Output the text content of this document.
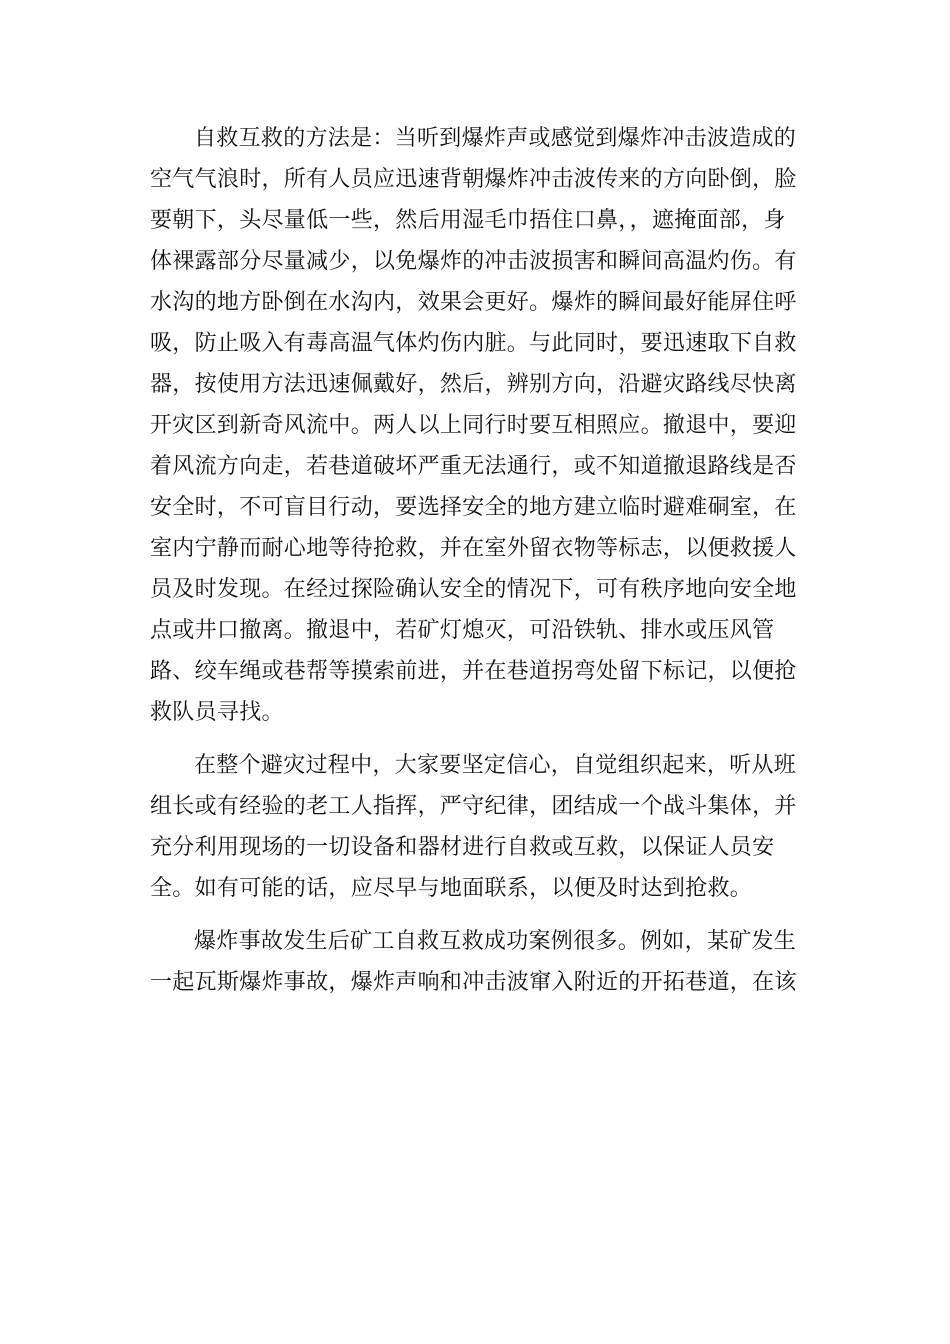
自救互救的方法是：当听到爆炸声或感觉到爆炸冲击波造成的
空气气浪时，所有人员应迅速背朝爆炸冲击波传来的方向卧倒，脸
要朝下，头尽量低一些，然后用湿毛巾捂住口鼻，，遮掩面部，身
体裸露部分尽量减少，以免爆炸的冲击波损害和瞬间高温灼伤。有
水沟的地方卧倒在水沟内，效果会更好。爆炸的瞬间最好能屏住呼
吸，防止吸入有毒高温气体灼伤内脏。与此同时，要迅速取下自救
器，按使用方法迅速佩戴好，然后，辨别方向，沿避灾路线尽快离
开灾区到新奇风流中。两人以上同行时要互相照应。撤退中，要迎
着风流方向走，若巷道破坏严重无法通行，或不知道撤退路线是否
安全时，不可盲目行动，要选择安全的地方建立临时避难硐室，在
室内宁静而耐心地等待抢救，并在室外留衣物等标志，以便救援人
员及时发现。在经过探险确认安全的情况下，可有秩序地向安全地
点或井口撤离。撤退中，若矿灯熄灭，可沿铁轨、排水或压风管
路、绞车绳或巷帮等摸索前进，并在巷道拐弯处留下标记，以便抢
救队员寻找。
在整个避灾过程中，大家要坚定信心，自觉组织起来，听从班
组长或有经验的老工人指挥，严守纪律，团结成一个战斗集体，并
充分利用现场的一切设备和器材进行自救或互救，以保证人员安
全。如有可能的话，应尽早与地面联系，以便及时达到抢救。
爆炸事故发生后矿工自救互救成功案例很多。例如，某矿发生
一起瓦斯爆炸事故，爆炸声响和冲击波窜入附近的开拓巷道，在该
